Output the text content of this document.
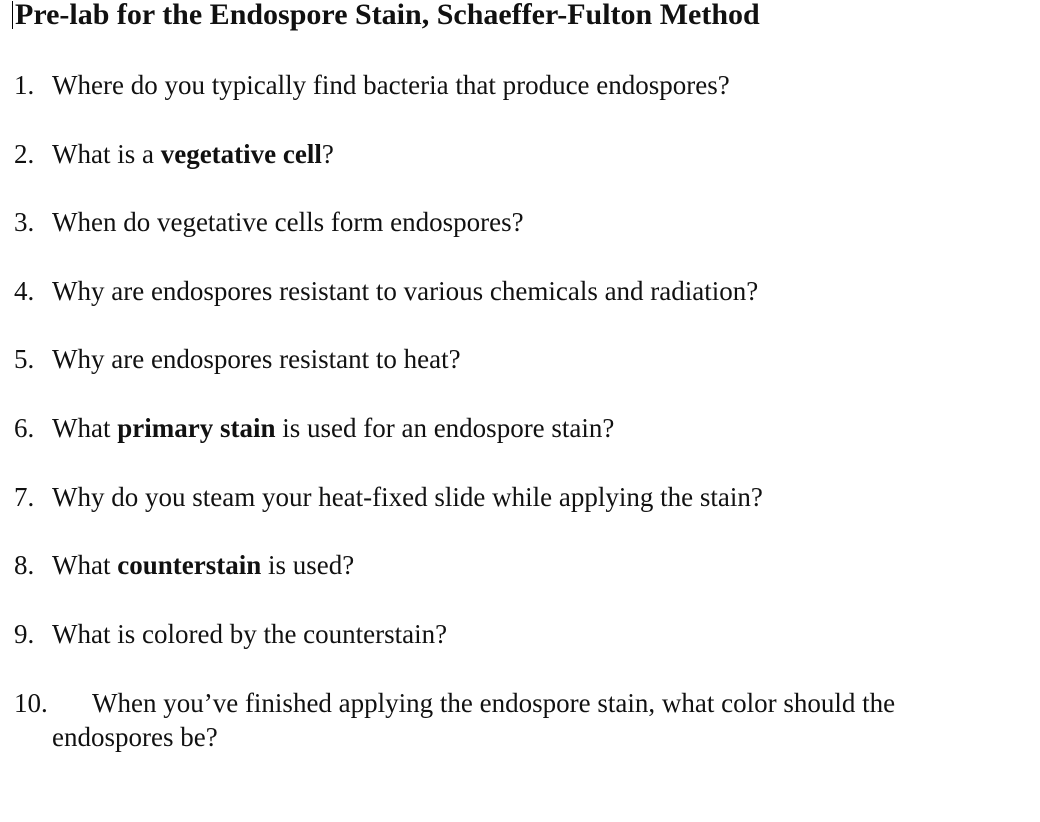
Pre-lab for the Endospore Stain, Schaeffer-Fulton Method
1. Where do you typically find bacteria that produce endospores?
2. What is a vegetative cell?
3. When do vegetative cells form endospores?
4. Why are endospores resistant to various chemicals and radiation?
5. Why are endospores resistant to heat?
6. What primary stain is used for an endospore stain?
7. Why do you steam your heat-fixed slide while applying the stain?
8. What counterstain is used?
9. What is colored by the counterstain?
10. When you’ve finished applying the endospore stain, what color should the
endospores be?
